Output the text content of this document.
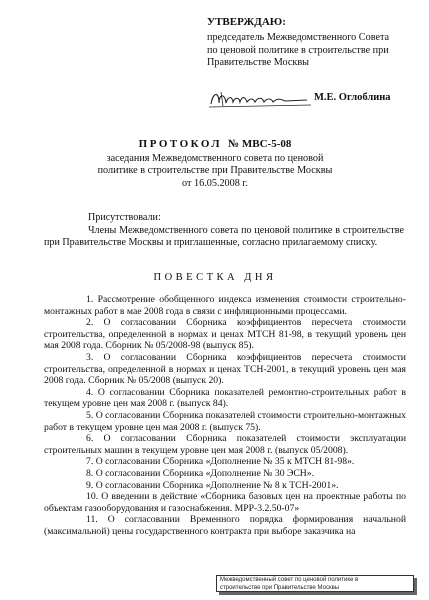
УТВЕРЖДАЮ:
председатель Межведомственного Совета
по ценовой политике в строительстве при
Правительстве Москвы
М.Е. Оглоблина
ПРОТОКОЛ № МВС-5-08
заседания Межведомственного совета по ценовой
политике в строительстве при Правительстве Москвы
от 16.05.2008 г.
Присутствовали:
Члены Межведомственного совета по ценовой политике в строительстве при Правительстве Москвы и приглашенные, согласно прилагаемому списку.
ПОВЕСТКА ДНЯ

1. Рассмотрение обобщенного индекса изменения стоимости строительно-монтажных работ в мае 2008 года в связи с инфляционными процессами.

2. О согласовании Сборника коэффициентов пересчета стоимости строительства, определенной в нормах и ценах МТСН 81-98, в текущий уровень цен мая 2008 года. Сборник № 05/2008-98 (выпуск 85).

3. О согласовании Сборника коэффициентов пересчета стоимости строительства, определенной в нормах и ценах ТСН-2001, в текущий уровень цен мая 2008 года. Сборник № 05/2008 (выпуск 20).

4. О согласовании Сборника показателей ремонтно-строительных работ в текущем уровне цен мая 2008 г. (выпуск 84).

5. О согласовании Сборника показателей стоимости строительно-монтажных работ в текущем уровне цен мая 2008 г. (выпуск 75).

6. О согласовании Сборника показателей стоимости эксплуатации строительных машин в текущем уровне цен мая 2008 г. (выпуск 05/2008).

7. О согласовании Сборника «Дополнение № 35 к МТСН 81-98».

8. О согласовании Сборника «Дополнение № 30 ЭСН».

9. О согласовании Сборника «Дополнение № 8 к ТСН-2001».

10. О введении в действие «Сборника базовых цен на проектные работы по объектам газооборудования и газоснабжения. МРР-3.2.50-07»

11. О согласовании Временного порядка формирования начальной (максимальной) цены государственного контракта при выборе заказчика на

Межведомственный совет по ценовой политике в
строительстве при Правительстве Москвы
